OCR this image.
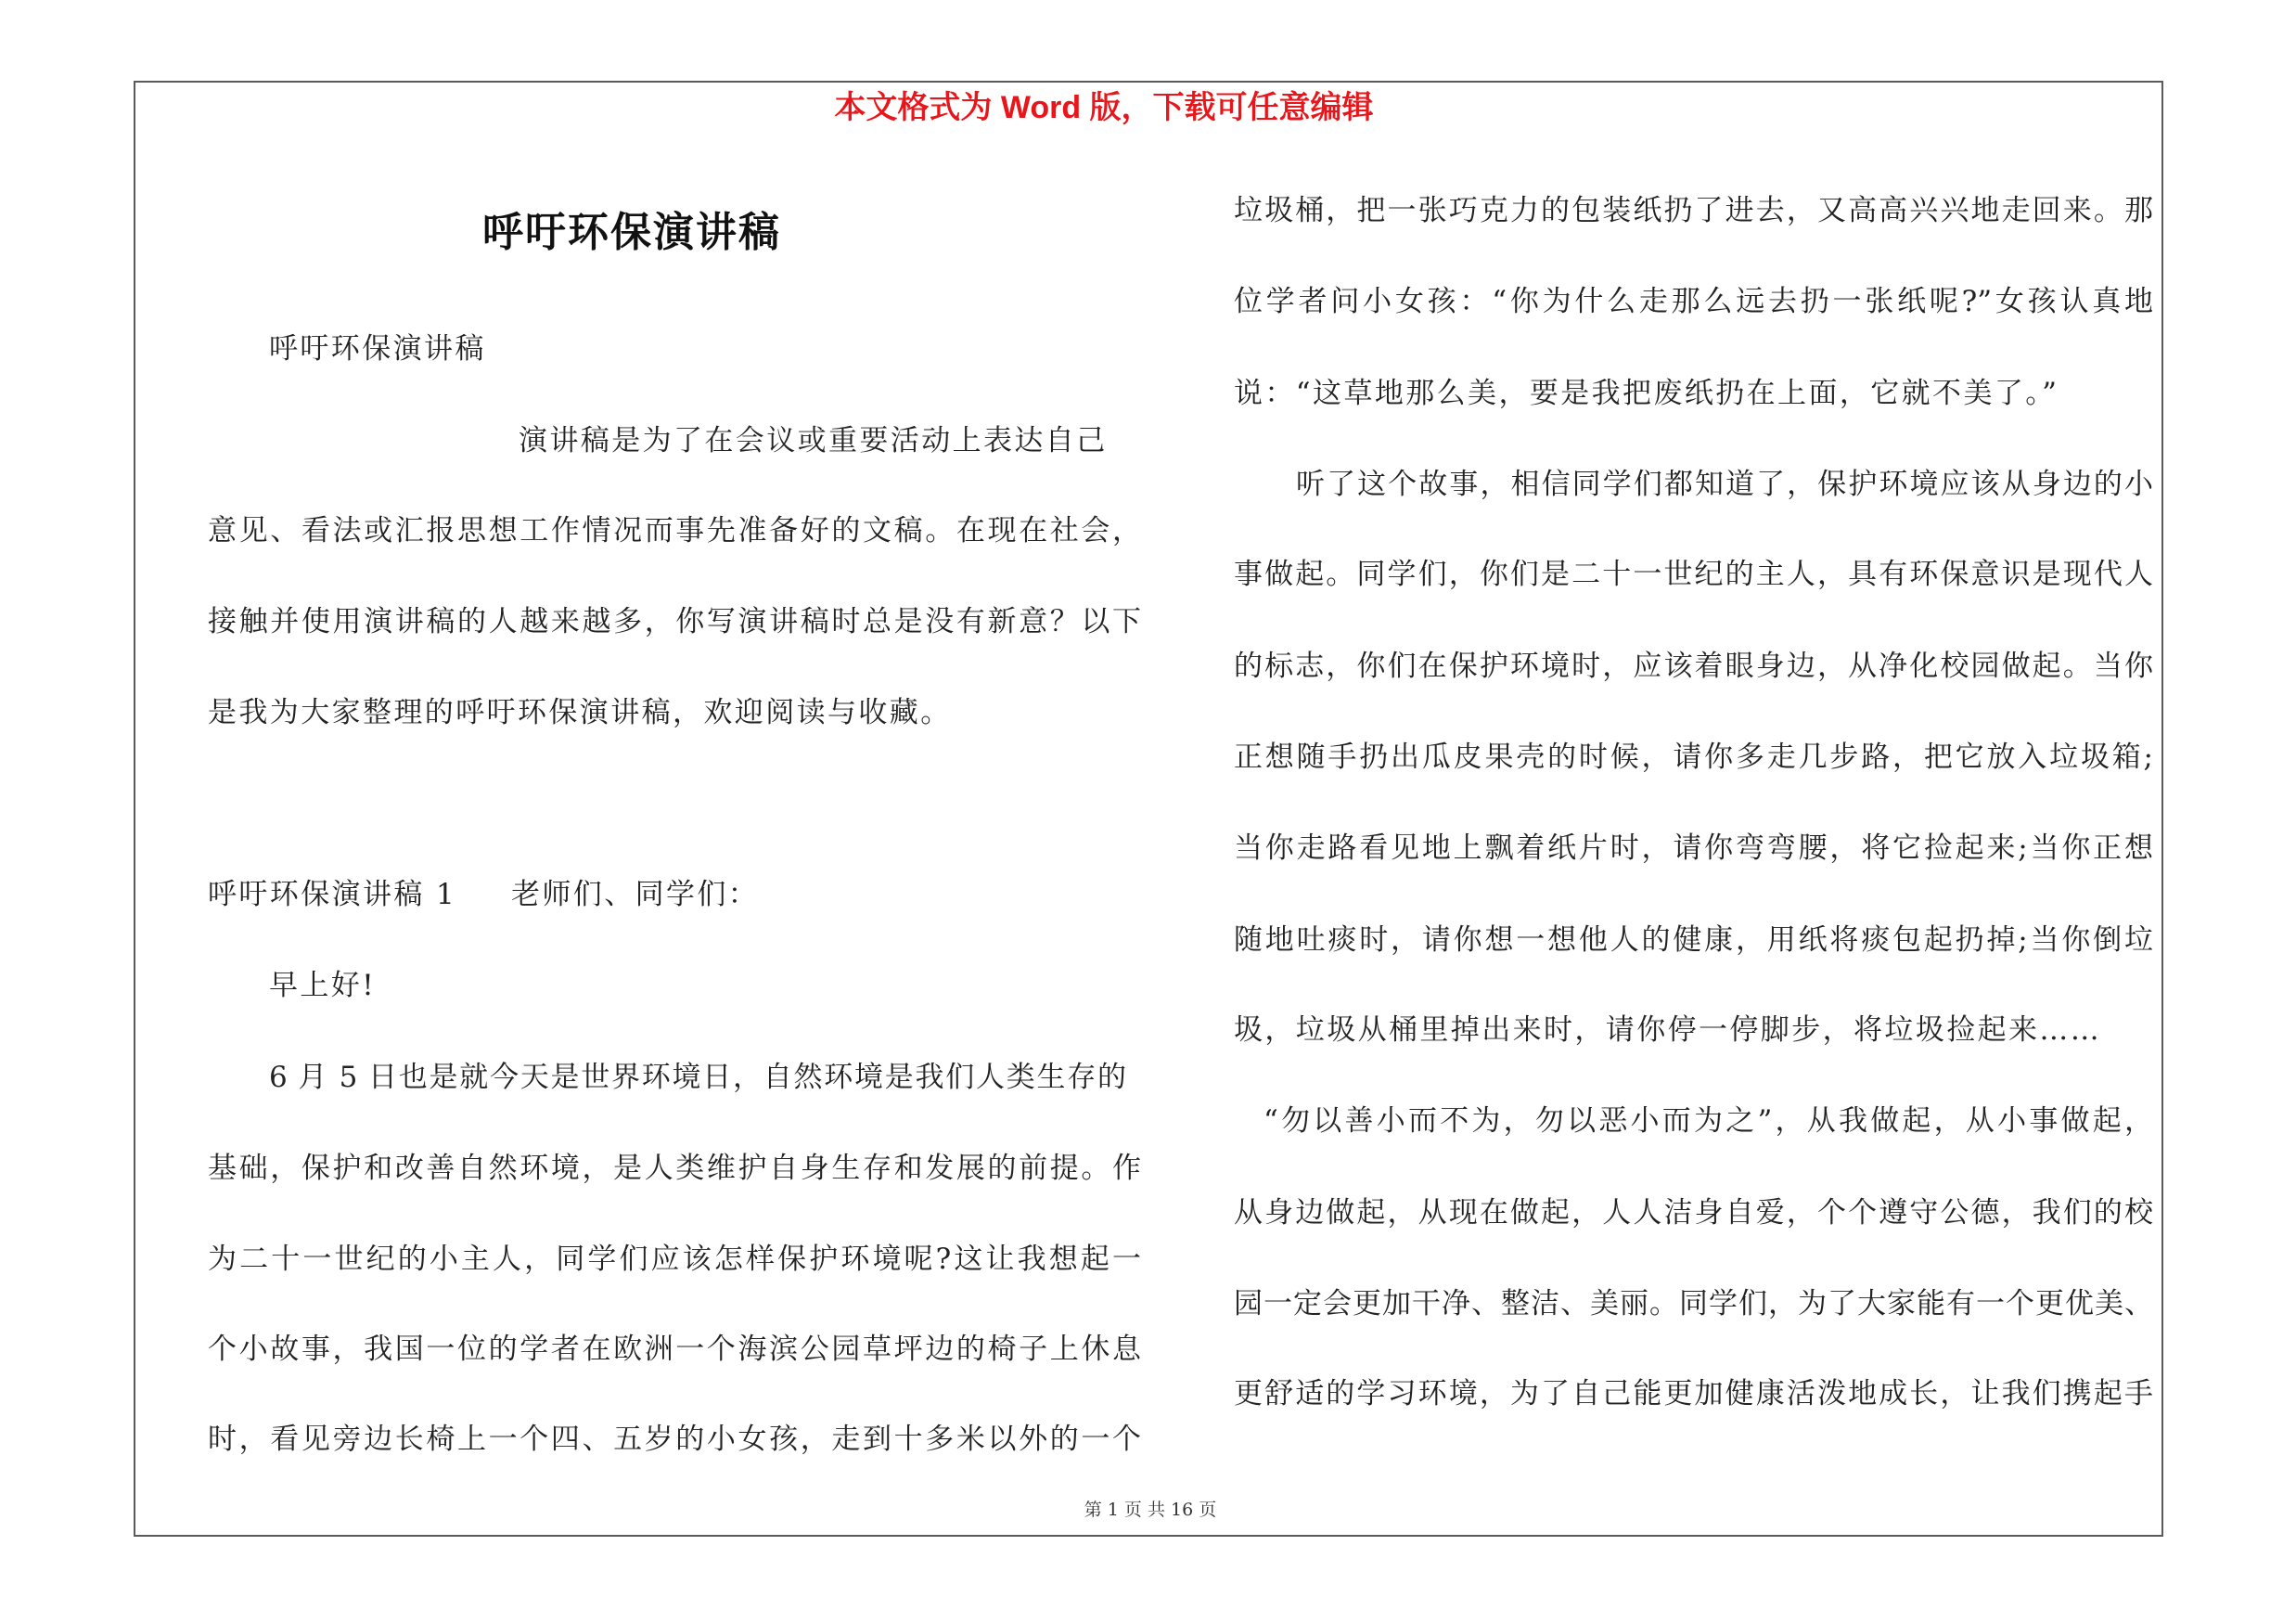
本文格式为 Word 版，下载可任意编辑
呼吁环保演讲稿
呼吁环保演讲稿
演讲稿是为了在会议或重要活动上表达自己
意见、看法或汇报思想工作情况而事先准备好的文稿。在现在社会，
接触并使用演讲稿的人越来越多，你写演讲稿时总是没有新意？以下
是我为大家整理的呼吁环保演讲稿，欢迎阅读与收藏。
呼吁环保演讲稿 1 老师们、同学们：
早上好!
6 月 5 日也是就今天是世界环境日，自然环境是我们人类生存的
基础，保护和改善自然环境，是人类维护自身生存和发展的前提。作
为二十一世纪的小主人，同学们应该怎样保护环境呢?这让我想起一
个小故事，我国一位的学者在欧洲一个海滨公园草坪边的椅子上休息
时，看见旁边长椅上一个四、五岁的小女孩，走到十多米以外的一个
垃圾桶，把一张巧克力的包装纸扔了进去，又高高兴兴地走回来。那
位学者问小女孩：“你为什么走那么远去扔一张纸呢?”女孩认真地
说：“这草地那么美，要是我把废纸扔在上面，它就不美了。”
听了这个故事，相信同学们都知道了，保护环境应该从身边的小
事做起。同学们，你们是二十一世纪的主人，具有环保意识是现代人
的标志，你们在保护环境时，应该着眼身边，从净化校园做起。当你
正想随手扔出瓜皮果壳的时候，请你多走几步路，把它放入垃圾箱;
当你走路看见地上飘着纸片时，请你弯弯腰，将它捡起来;当你正想
随地吐痰时，请你想一想他人的健康，用纸将痰包起扔掉;当你倒垃
圾，垃圾从桶里掉出来时，请你停一停脚步，将垃圾捡起来……
“勿以善小而不为，勿以恶小而为之”，从我做起，从小事做起，
从身边做起，从现在做起，人人洁身自爱，个个遵守公德，我们的校
园一定会更加干净、整洁、美丽。同学们，为了大家能有一个更优美、
更舒适的学习环境，为了自己能更加健康活泼地成长，让我们携起手
第 1 页 共 16 页
